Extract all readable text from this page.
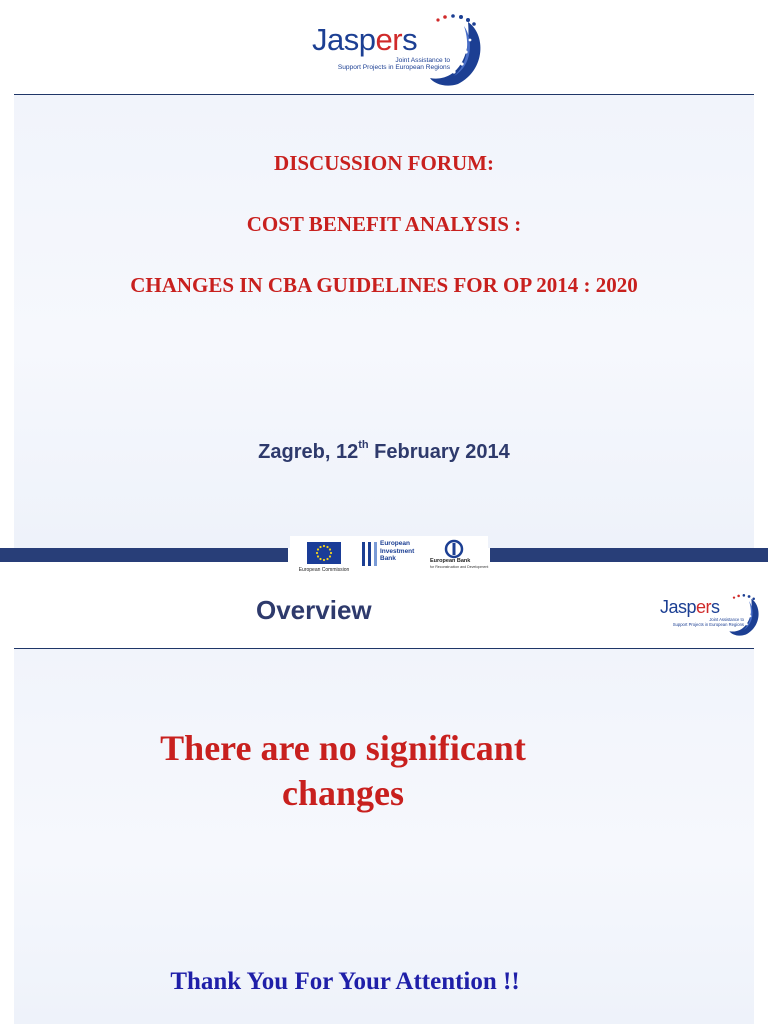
Jaspers
Joint Assistance to
Support Projects in European Regions
DISCUSSION FORUM:
COST BENEFIT ANALYSIS :
CHANGES IN CBA GUIDELINES FOR OP 2014 : 2020
Zagreb, 12th February 2014
European Commission
European
Investment
Bank	European Bank
for Reconstruction and Development
Overview	Jaspers
Joint Assistance to
Support Projects in European Regions
There are no significant
changes
Thank You For Your Attention !!
